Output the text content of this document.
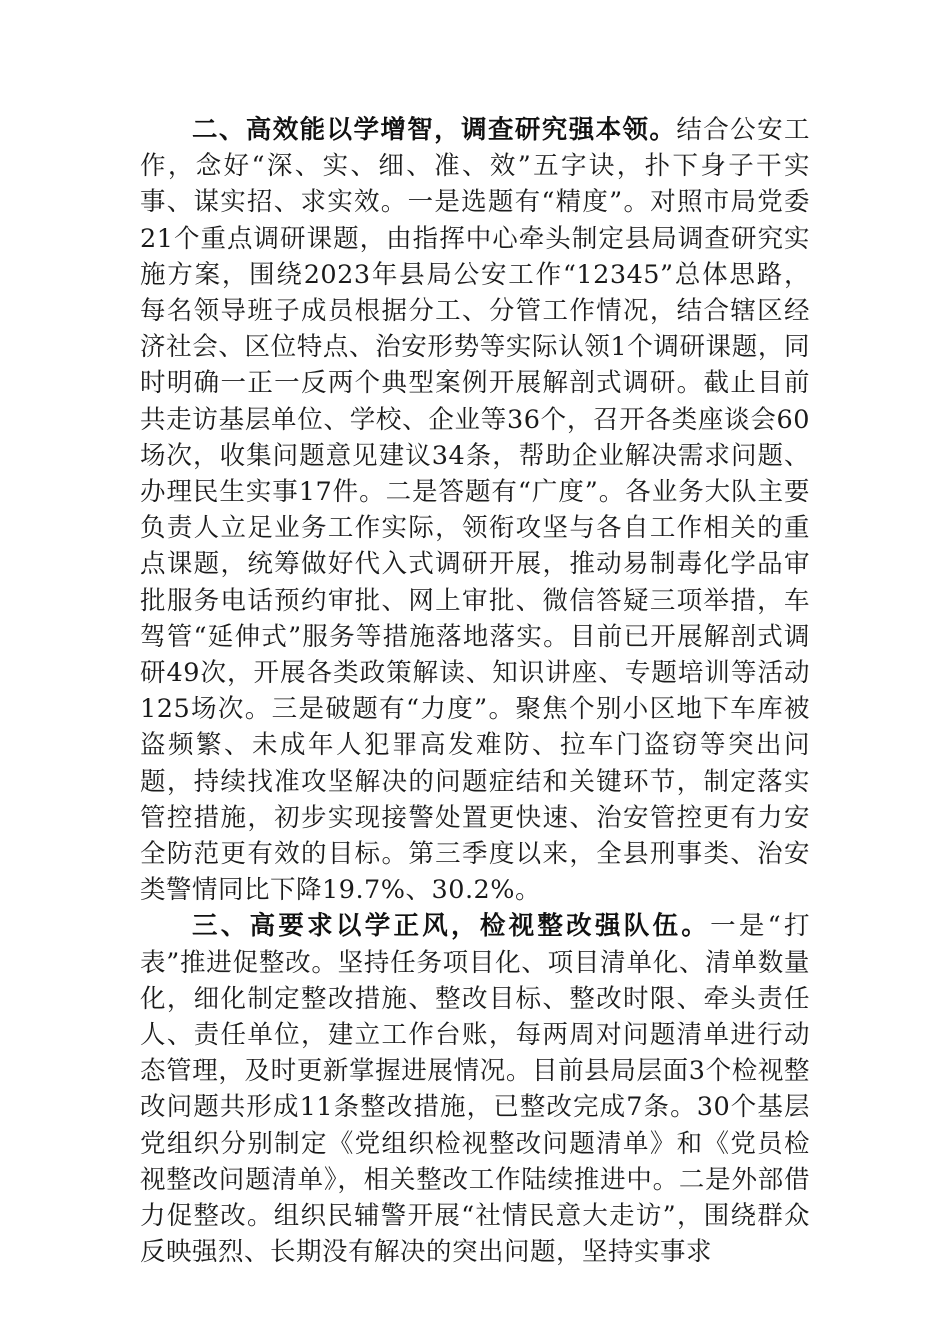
二、高效能以学增智，调查研究强本领。结合公安工作，念好“深、实、细、准、效”五字诀，扑下身子干实事、谋实招、求实效。一是选题有“精度”。对照市局党委21个重点调研课题，由指挥中心牵头制定县局调查研究实施方案，围绕2023年县局公安工作“12345”总体思路，每名领导班子成员根据分工、分管工作情况，结合辖区经济社会、区位特点、治安形势等实际认领1个调研课题，同时明确一正一反两个典型案例开展解剖式调研。截止目前共走访基层单位、学校、企业等36个，召开各类座谈会60场次，收集问题意见建议34条，帮助企业解决需求问题、办理民生实事17件。二是答题有“广度”。各业务大队主要负责人立足业务工作实际，领衔攻坚与各自工作相关的重点课题，统筹做好代入式调研开展，推动易制毒化学品审批服务电话预约审批、网上审批、微信答疑三项举措，车驾管“延伸式”服务等措施落地落实。目前已开展解剖式调研49次，开展各类政策解读、知识讲座、专题培训等活动125场次。三是破题有“力度”。聚焦个别小区地下车库被盗频繁、未成年人犯罪高发难防、拉车门盗窃等突出问题，持续找准攻坚解决的问题症结和关键环节，制定落实管控措施，初步实现接警处置更快速、治安管控更有力安全防范更有效的目标。第三季度以来，全县刑事类、治安类警情同比下降19.7%、30.2%。

三、高要求以学正风，检视整改强队伍。一是“打表”推进促整改。坚持任务项目化、项目清单化、清单数量化，细化制定整改措施、整改目标、整改时限、牵头责任人、责任单位，建立工作台账，每两周对问题清单进行动态管理，及时更新掌握进展情况。目前县局层面3个检视整改问题共形成11条整改措施，已整改完成7条。30个基层党组织分别制定《党组织检视整改问题清单》和《党员检视整改问题清单》，相关整改工作陆续推进中。二是外部借力促整改。组织民辅警开展“社情民意大走访”，围绕群众反映强烈、长期没有解决的突出问题，坚持实事求
